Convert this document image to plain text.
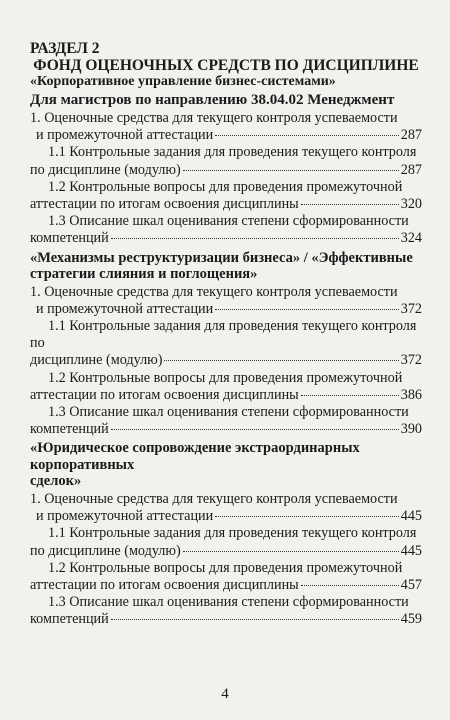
РАЗДЕЛ 2

ФОНД ОЦЕНОЧНЫХ СРЕДСТВ ПО ДИСЦИПЛИНЕ

«Корпоративное управление бизнес-системами»

Для магистров по направлению 38.04.02 Менеджмент

1. Оценочные средства для текущего контроля успеваемости
и промежуточной аттестации	287
1.1 Контрольные задания для проведения текущего контроля
по дисциплине (модулю)	287
1.2 Контрольные вопросы для проведения промежуточной
аттестации по итогам освоения дисциплины	320
1.3 Описание шкал оценивания степени сформированности
компетенций	324
«Механизмы реструктуризации бизнеса» / «Эффективные
стратегии слияния и поглощения»
1. Оценочные средства для текущего контроля успеваемости
и промежуточной аттестации	372
1.1 Контрольные задания для проведения текущего контроля по
дисциплине (модулю)	372
1.2 Контрольные вопросы для проведения промежуточной
аттестации по итогам освоения дисциплины	386
1.3 Описание шкал оценивания степени сформированности
компетенций	390
«Юридическое сопровождение экстраординарных корпоративных
сделок»
1. Оценочные средства для текущего контроля успеваемости
и промежуточной аттестации	445
1.1 Контрольные задания для проведения текущего контроля
по дисциплине (модулю)	445
1.2 Контрольные вопросы для проведения промежуточной
аттестации по итогам освоения дисциплины	457
1.3 Описание шкал оценивания степени сформированности
компетенций	459
4
